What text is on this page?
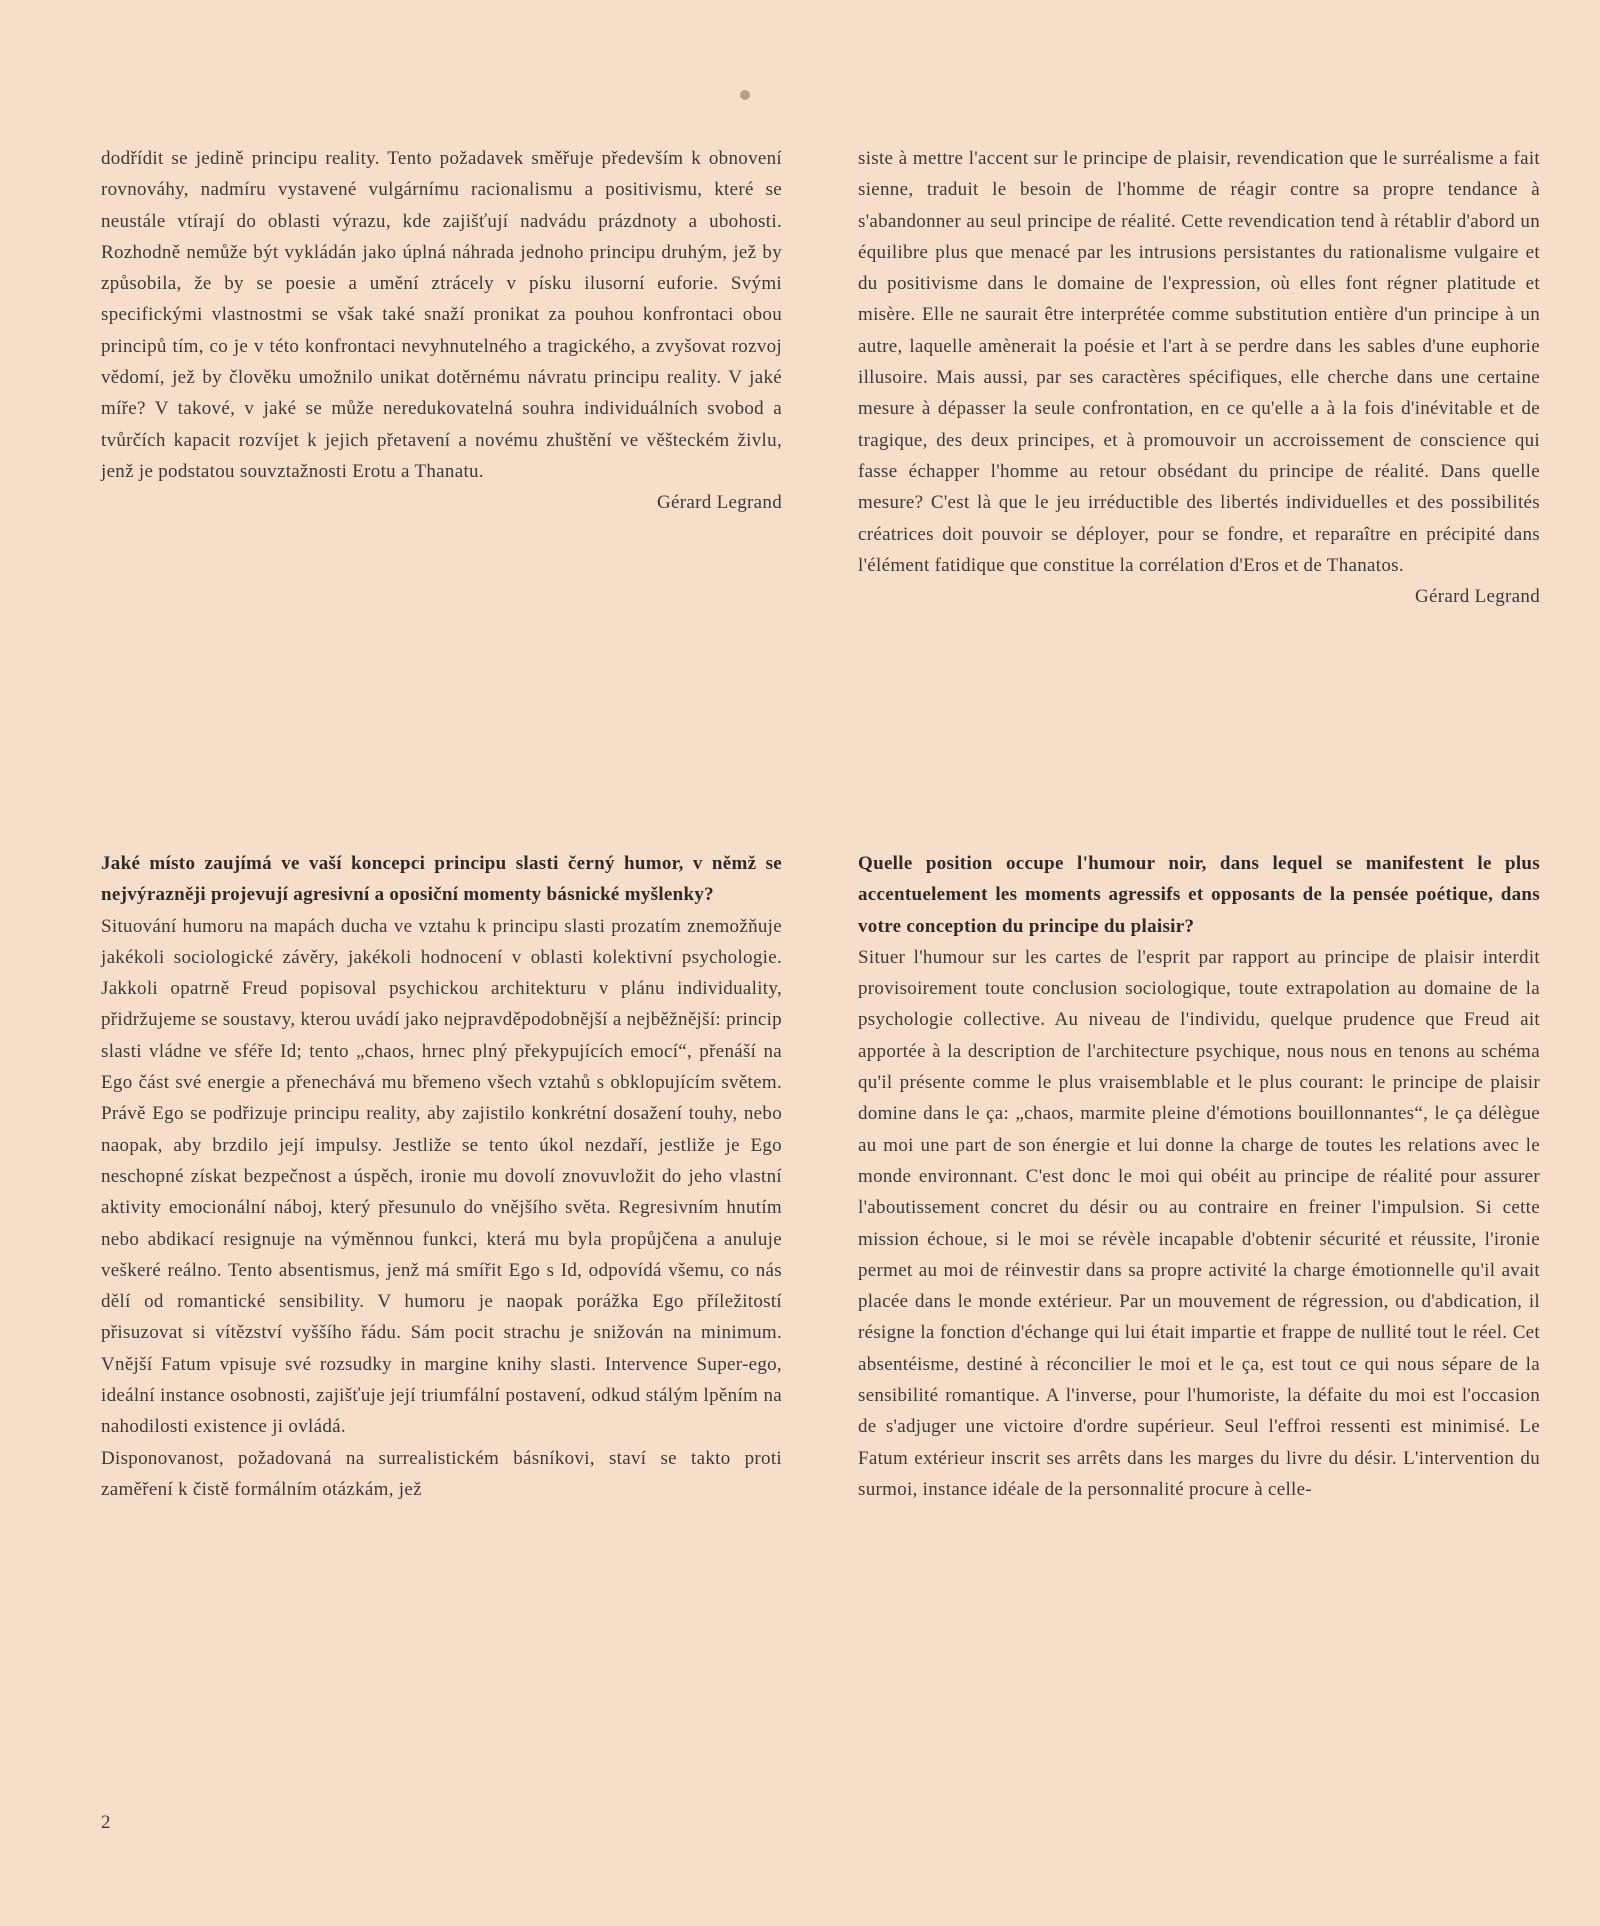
dodřídit se jedině principu reality. Tento požadavek směřuje především k obnovení rovnováhy, nadmíru vystavené vulgárnímu racionalismu a positivismu, které se neustále vtírají do oblasti výrazu, kde zajišťují nadvádu prázdnoty a ubohosti. Rozhodně nemůže být vykládán jako úplná náhrada jednoho principu druhým, jež by způsobila, že by se poesie a umění ztrácely v písku ilusorní euforie. Svými specifickými vlastnostmi se však také snaží pronikat za pouhou konfrontaci obou principů tím, co je v této konfrontaci nevyhnutelného a tragického, a zvyšovat rozvoj vědomí, jež by člověku umožnilo unikat dotěrnému návratu principu reality. V jaké míře? V takové, v jaké se může neredukovatelná souhra individuálních svobod a tvůrčích kapacit rozvíjet k jejich přetavení a novému zhuštění ve věšteckém živlu, jenž je podstatou souvztažnosti Erotu a Thanatu.

Gérard Legrand

siste à mettre l'accent sur le principe de plaisir, revendication que le surréalisme a fait sienne, traduit le besoin de l'homme de réagir contre sa propre tendance à s'abandonner au seul principe de réalité. Cette revendication tend à rétablir d'abord un équilibre plus que menacé par les intrusions persistantes du rationalisme vulgaire et du positivisme dans le domaine de l'expression, où elles font régner platitude et misère. Elle ne saurait être interprétée comme substitution entière d'un principe à un autre, laquelle amènerait la poésie et l'art à se perdre dans les sables d'une euphorie illusoire. Mais aussi, par ses caractères spécifiques, elle cherche dans une certaine mesure à dépasser la seule confrontation, en ce qu'elle a à la fois d'inévitable et de tragique, des deux principes, et à promouvoir un accroissement de conscience qui fasse échapper l'homme au retour obsédant du principe de réalité. Dans quelle mesure? C'est là que le jeu irréductible des libertés individuelles et des possibilités créatrices doit pouvoir se déployer, pour se fondre, et reparaître en précipité dans l'élément fatidique que constitue la corrélation d'Eros et de Thanatos.

Gérard Legrand

Jaké místo zaujímá ve vaší koncepci principu slasti černý humor, v němž se nejvýrazněji projevují agresivní a oposiční momenty básnické myšlenky?

Situování humoru na mapách ducha ve vztahu k principu slasti prozatím znemožňuje jakékoli sociologické závěry, jakékoli hodnocení v oblasti kolektivní psychologie. Jakkoli opatrně Freud popisoval psychickou architekturu v plánu individuality, přidržujeme se soustavy, kterou uvádí jako nejpravděpodobnější a nejběžnější: princip slasti vládne ve sféře Id; tento „chaos, hrnec plný překypujících emocí“, přenáší na Ego část své energie a přenechává mu břemeno všech vztahů s obklopujícím světem. Právě Ego se podřizuje principu reality, aby zajistilo konkrétní dosažení touhy, nebo naopak, aby brzdilo její impulsy. Jestliže se tento úkol nezdaří, jestliže je Ego neschopné získat bezpečnost a úspěch, ironie mu dovolí znovuvložit do jeho vlastní aktivity emocionální náboj, který přesunulo do vnějšího světa. Regresivním hnutím nebo abdikací resignuje na výměnnou funkci, která mu byla propůjčena a anuluje veškeré reálno. Tento absentismus, jenž má smířit Ego s Id, odpovídá všemu, co nás dělí od romantické sensibility. V humoru je naopak porážka Ego příležitostí přisuzovat si vítězství vyššího řádu. Sám pocit strachu je snižován na minimum. Vnější Fatum vpisuje své rozsudky in margine knihy slasti. Intervence Super-ego, ideální instance osobnosti, zajišťuje její triumfální postavení, odkud stálým lpěním na nahodilosti existence ji ovládá.

Disponovanost, požadovaná na surrealistickém básníkovi, staví se takto proti zaměření k čistě formálním otázkám, jež

Quelle position occupe l'humour noir, dans lequel se manifestent le plus accentuelement les moments agressifs et opposants de la pensée poétique, dans votre conception du principe du plaisir?

Situer l'humour sur les cartes de l'esprit par rapport au principe de plaisir interdit provisoirement toute conclusion sociologique, toute extrapolation au domaine de la psychologie collective. Au niveau de l'individu, quelque prudence que Freud ait apportée à la description de l'architecture psychique, nous nous en tenons au schéma qu'il présente comme le plus vraisemblable et le plus courant: le principe de plaisir domine dans le ça: „chaos, marmite pleine d'émotions bouillonnantes“, le ça délègue au moi une part de son énergie et lui donne la charge de toutes les relations avec le monde environnant. C'est donc le moi qui obéit au principe de réalité pour assurer l'aboutissement concret du désir ou au contraire en freiner l'impulsion. Si cette mission échoue, si le moi se révèle incapable d'obtenir sécurité et réussite, l'ironie permet au moi de réinvestir dans sa propre activité la charge émotionnelle qu'il avait placée dans le monde extérieur. Par un mouvement de régression, ou d'abdication, il résigne la fonction d'échange qui lui était impartie et frappe de nullité tout le réel. Cet absentéisme, destiné à réconcilier le moi et le ça, est tout ce qui nous sépare de la sensibilité romantique. A l'inverse, pour l'humoriste, la défaite du moi est l'occasion de s'adjuger une victoire d'ordre supérieur. Seul l'effroi ressenti est minimisé. Le Fatum extérieur inscrit ses arrêts dans les marges du livre du désir. L'intervention du surmoi, instance idéale de la personnalité procure à celle-

2
